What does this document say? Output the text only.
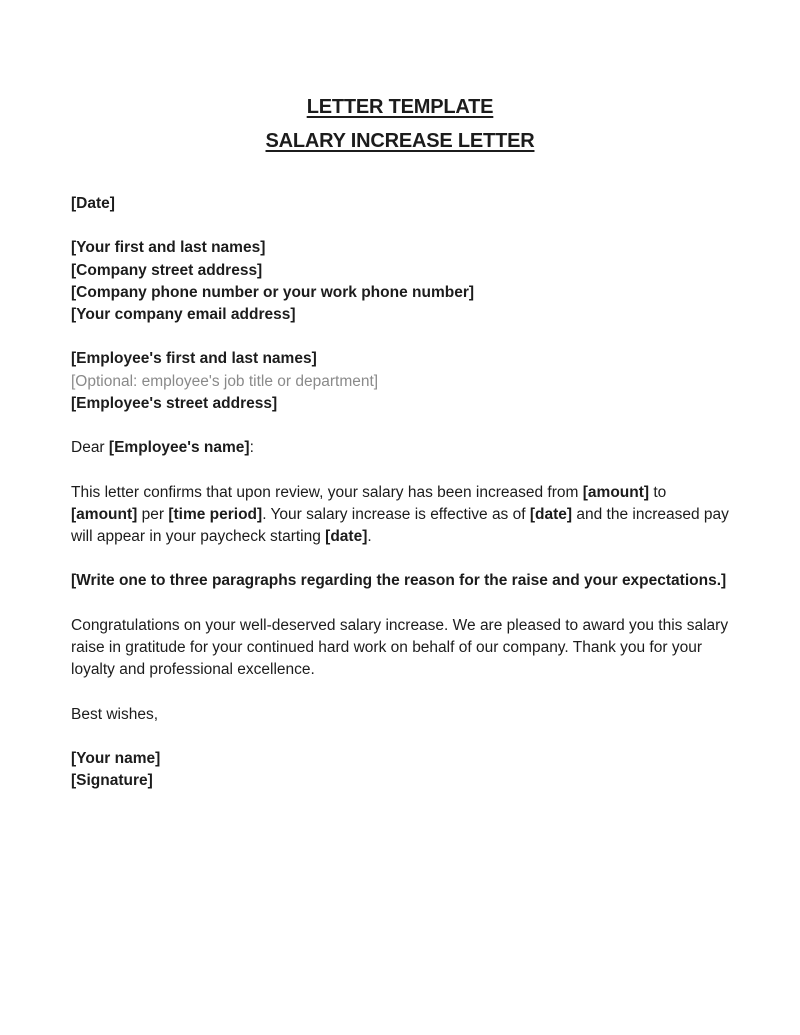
LETTER TEMPLATE
SALARY INCREASE LETTER
[Date]
[Your first and last names]
[Company street address]
[Company phone number or your work phone number]
[Your company email address]
[Employee's first and last names]
[Optional: employee's job title or department]
[Employee's street address]
Dear [Employee's name]:
This letter confirms that upon review, your salary has been increased from [amount] to
[amount] per [time period]. Your salary increase is effective as of [date] and the increased pay will appear in your paycheck starting [date].
[Write one to three paragraphs regarding the reason for the raise and your expectations.]
Congratulations on your well-deserved salary increase. We are pleased to award you this salary raise in gratitude for your continued hard work on behalf of our company. Thank you for your loyalty and professional excellence.
Best wishes,
[Your name]
[Signature]
